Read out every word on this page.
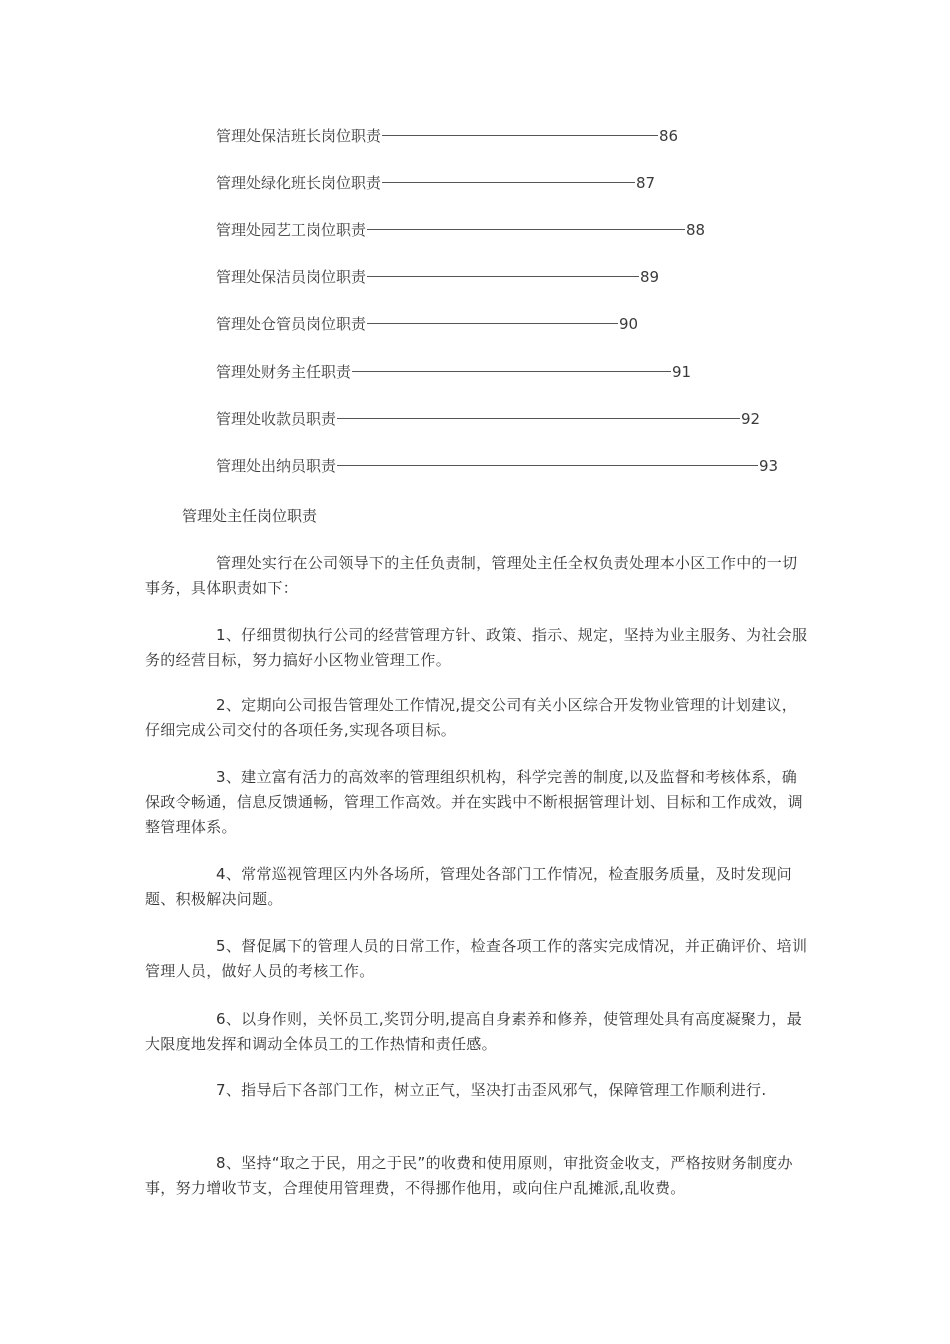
管理处保洁班长岗位职责	86
管理处绿化班长岗位职责	87
管理处园艺工岗位职责	88
管理处保洁员岗位职责	89
管理处仓管员岗位职责	90
管理处财务主任职责	91
管理处收款员职责	92
管理处出纳员职责	93
管理处主任岗位职责

管理处实行在公司领导下的主任负责制，管理处主任全权负责处理本小区工作中的一切事务，具体职责如下：

1、仔细贯彻执行公司的经营管理方针、政策、指示、规定，坚持为业主服务、为社会服务的经营目标，努力搞好小区物业管理工作。

2、定期向公司报告管理处工作情况,提交公司有关小区综合开发物业管理的计划建议，仔细完成公司交付的各项任务,实现各项目标。

3、建立富有活力的高效率的管理组织机构，科学完善的制度,以及监督和考核体系，确保政令畅通，信息反馈通畅，管理工作高效。并在实践中不断根据管理计划、目标和工作成效，调整管理体系。

4、常常巡视管理区内外各场所，管理处各部门工作情况，检查服务质量，及时发现问题、积极解决问题。

5、督促属下的管理人员的日常工作，检查各项工作的落实完成情况，并正确评价、培训管理人员，做好人员的考核工作。

6、以身作则，关怀员工,奖罚分明,提高自身素养和修养，使管理处具有高度凝聚力，最大限度地发挥和调动全体员工的工作热情和责任感。

7、指导后下各部门工作，树立正气，坚决打击歪风邪气，保障管理工作顺利进行.

8、坚持“取之于民，用之于民”的收费和使用原则，审批资金收支，严格按财务制度办事，努力增收节支，合理使用管理费，不得挪作他用，或向住户乱摊派,乱收费。
